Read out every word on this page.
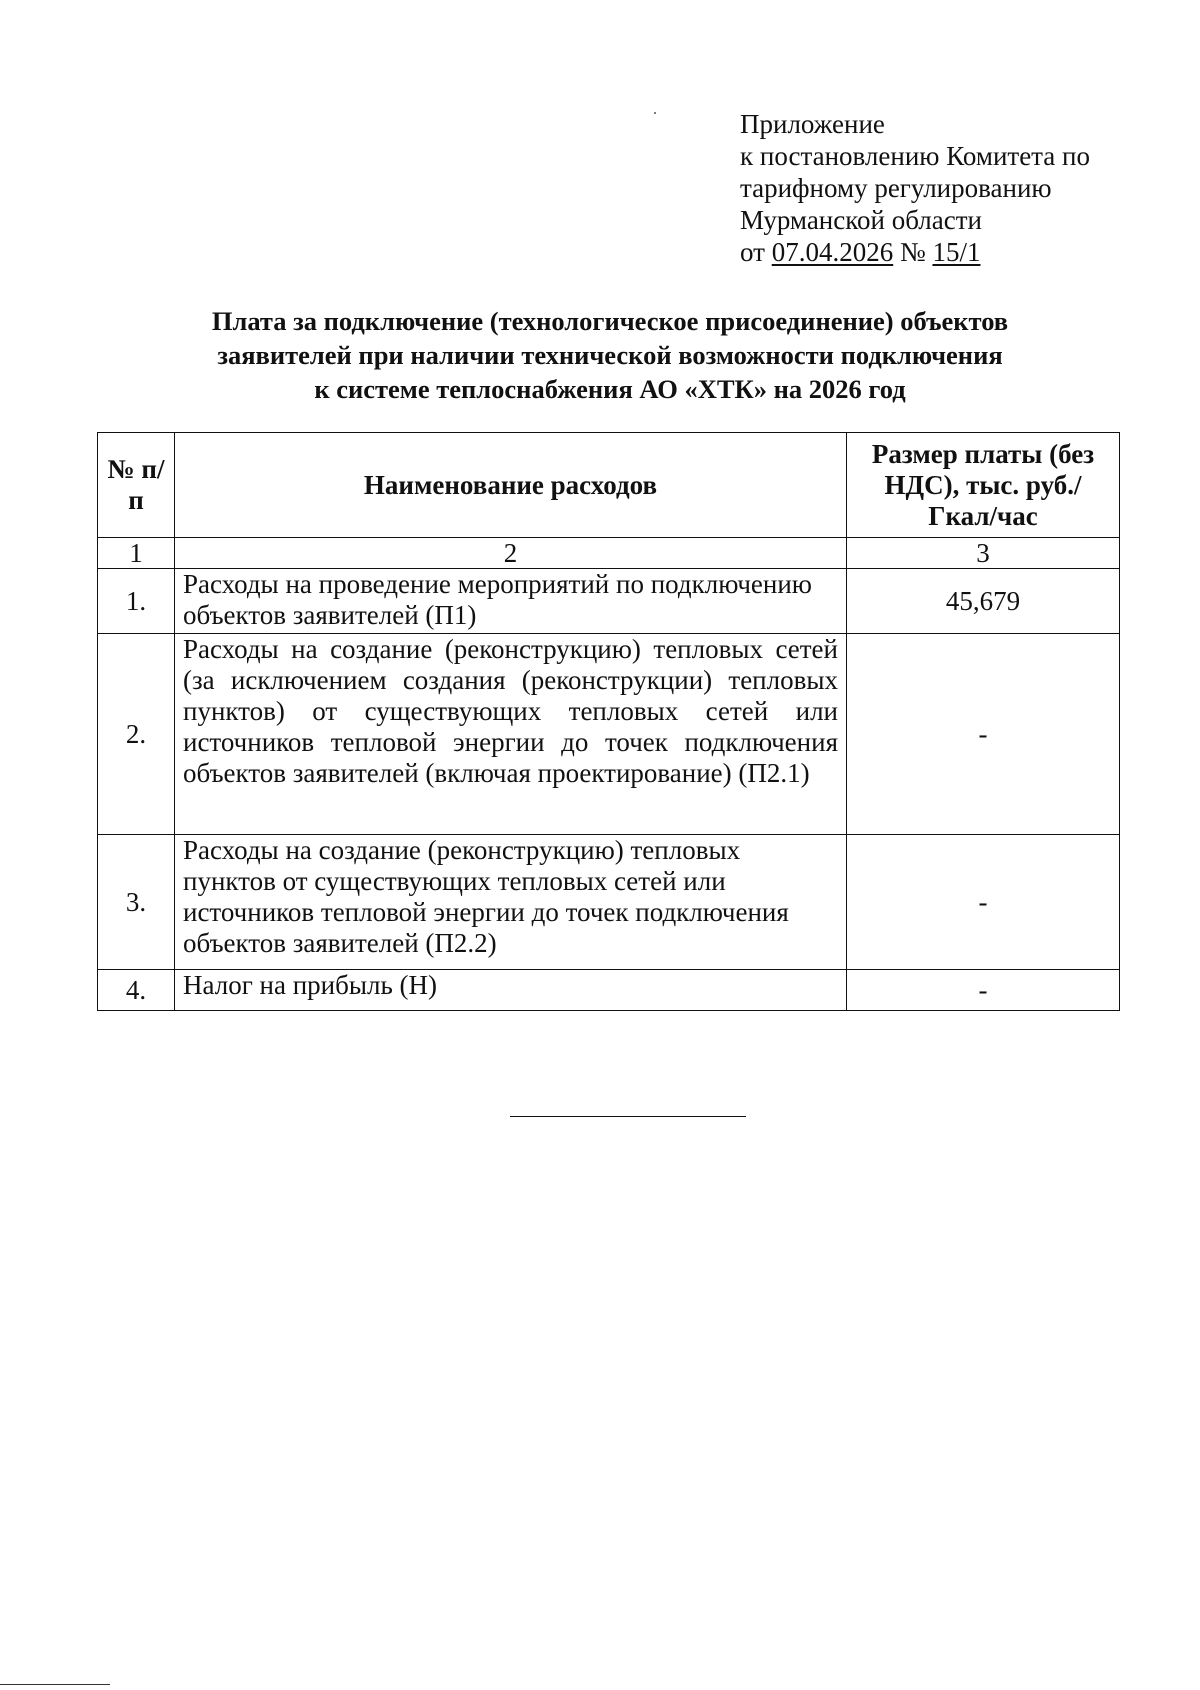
Приложение
к постановлению Комитета по
тарифному регулированию
Мурманской области
от 07.04.2026 № 15/1
Плата за подключение (технологическое присоединение) объектов
заявителей при наличии технической возможности подключения
к системе теплоснабжения АО «ХТК» на 2026 год
№ п/п	Наименование расходов	Размер платы (без НДС), тыс. руб./Гкал/час
1	2	3
1.	Расходы на проведение мероприятий по подключению объектов заявителей (П1)	45,679
2.	Расходы на создание (реконструкцию) тепловых сетей (за исключением создания (реконструкции) тепловых пунктов) от существующих тепловых сетей или источников тепловой энергии до точек подключения объектов заявителей (включая проектирование) (П2.1)	-
3.	Расходы на создание (реконструкцию) тепловых пунктов от существующих тепловых сетей или источников тепловой энергии до точек подключения объектов заявителей (П2.2)	-
4.	Налог на прибыль (Н)	-
